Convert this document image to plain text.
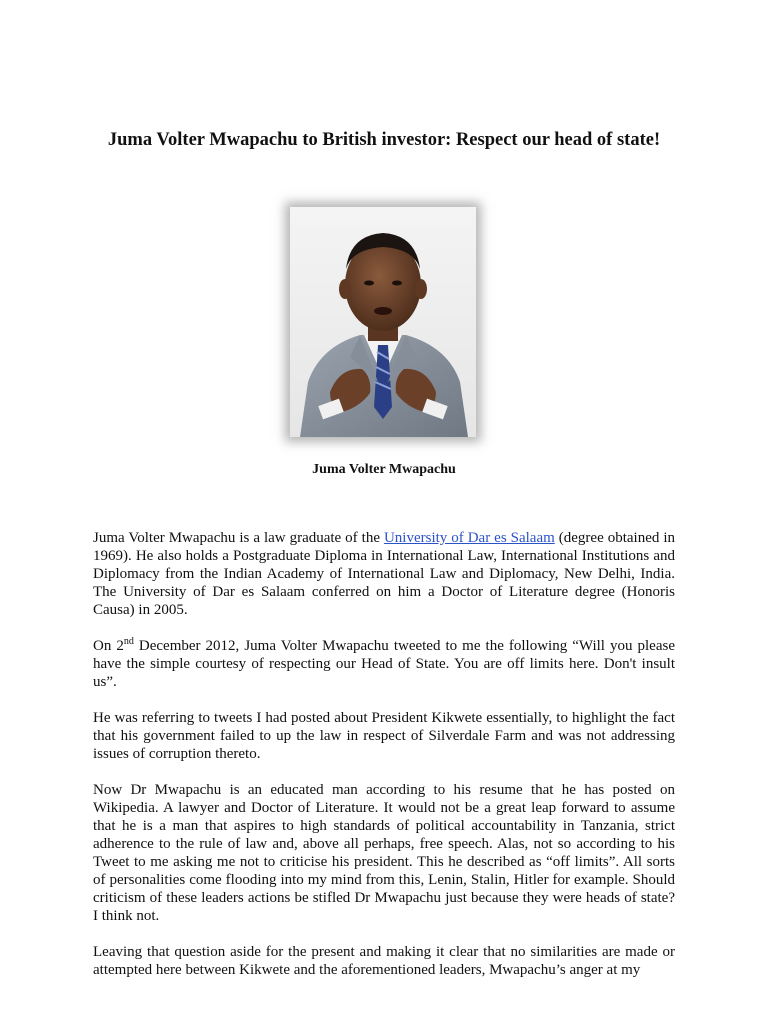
Juma Volter Mwapachu to British investor: Respect our head of state!
Juma Volter Mwapachu

Juma Volter Mwapachu is a law graduate of the University of Dar es Salaam (degree obtained in 1969). He also holds a Postgraduate Diploma in International Law, International Institutions and Diplomacy from the Indian Academy of International Law and Diplomacy, New Delhi, India. The University of Dar es Salaam conferred on him a Doctor of Literature degree (Honoris Causa) in 2005.

On 2nd December 2012, Juma Volter Mwapachu tweeted to me the following “Will you please have the simple courtesy of respecting our Head of State. You are off limits here. Don't insult us”.

He was referring to tweets I had posted about President Kikwete essentially, to highlight the fact that his government failed to up the law in respect of Silverdale Farm and was not addressing issues of corruption thereto.

Now Dr Mwapachu is an educated man according to his resume that he has posted on Wikipedia. A lawyer and Doctor of Literature. It would not be a great leap forward to assume that he is a man that aspires to high standards of political accountability in Tanzania, strict adherence to the rule of law and, above all perhaps, free speech. Alas, not so according to his Tweet to me asking me not to criticise his president. This he described as “off limits”. All sorts of personalities come flooding into my mind from this, Lenin, Stalin, Hitler for example. Should criticism of these leaders actions be stifled Dr Mwapachu just because they were heads of state? I think not.

Leaving that question aside for the present and making it clear that no similarities are made or attempted here between Kikwete and the aforementioned leaders, Mwapachu’s anger at my
